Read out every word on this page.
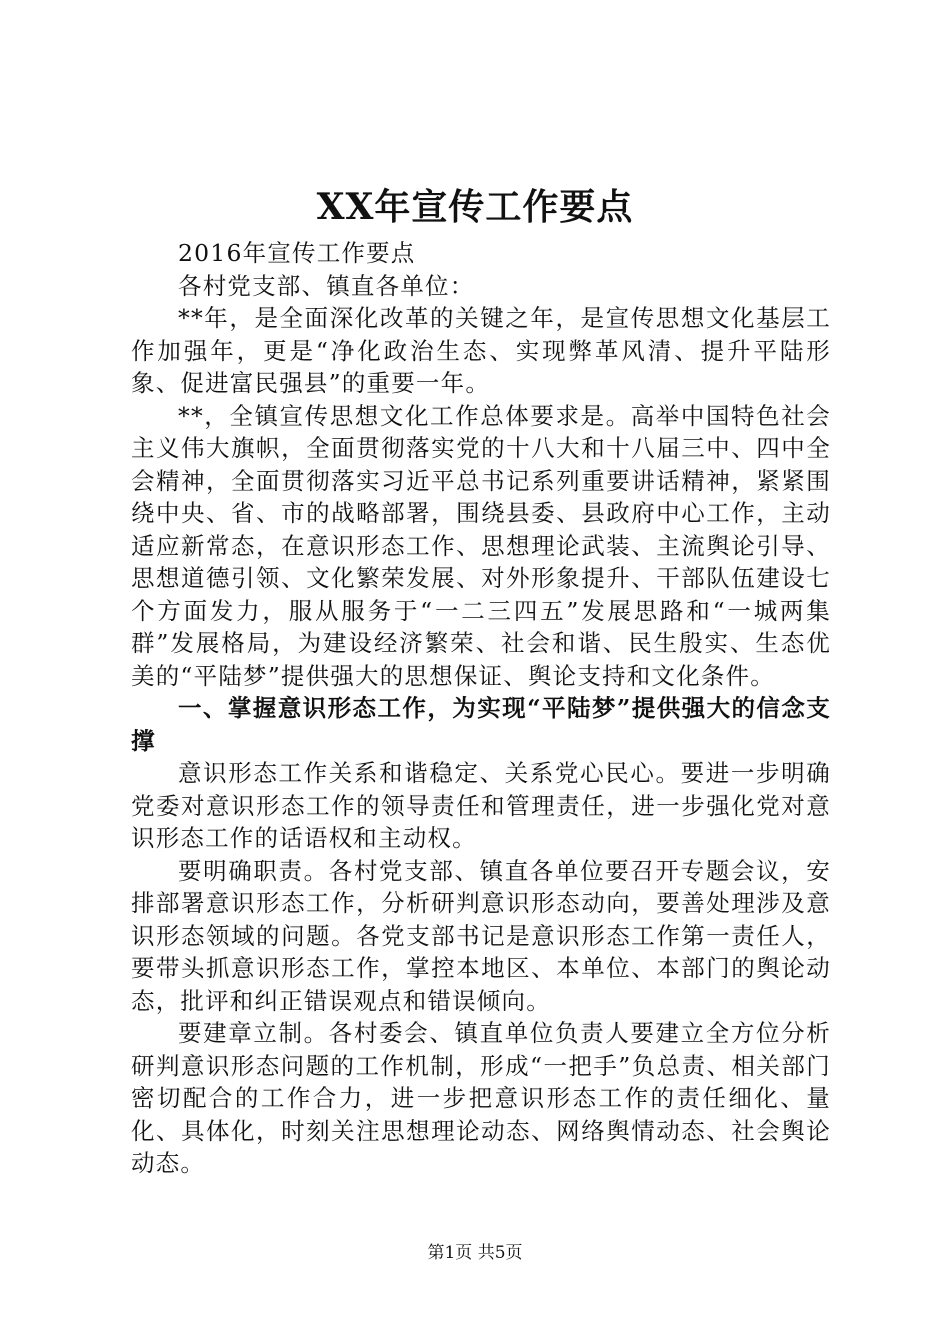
XX年宣传工作要点

2016年宣传工作要点

各村党支部、镇直各单位：

**年，是全面深化改革的关键之年，是宣传思想文化基层工作加强年，更是“净化政治生态、实现弊革风清、提升平陆形象、促进富民强县”的重要一年。

**，全镇宣传思想文化工作总体要求是。高举中国特色社会主义伟大旗帜，全面贯彻落实党的十八大和十八届三中、四中全会精神，全面贯彻落实习近平总书记系列重要讲话精神，紧紧围绕中央、省、市的战略部署，围绕县委、县政府中心工作，主动适应新常态，在意识形态工作、思想理论武装、主流舆论引导、思想道德引领、文化繁荣发展、对外形象提升、干部队伍建设七个方面发力，服从服务于“一二三四五”发展思路和“一城两集群”发展格局，为建设经济繁荣、社会和谐、民生殷实、生态优美的“平陆梦”提供强大的思想保证、舆论支持和文化条件。

一、掌握意识形态工作，为实现“平陆梦”提供强大的信念支撑

意识形态工作关系和谐稳定、关系党心民心。要进一步明确党委对意识形态工作的领导责任和管理责任，进一步强化党对意识形态工作的话语权和主动权。

要明确职责。各村党支部、镇直各单位要召开专题会议，安排部署意识形态工作，分析研判意识形态动向，要善处理涉及意识形态领域的问题。各党支部书记是意识形态工作第一责任人，要带头抓意识形态工作，掌控本地区、本单位、本部门的舆论动态，批评和纠正错误观点和错误倾向。

要建章立制。各村委会、镇直单位负责人要建立全方位分析研判意识形态问题的工作机制，形成“一把手”负总责、相关部门密切配合的工作合力，进一步把意识形态工作的责任细化、量化、具体化，时刻关注思想理论动态、网络舆情动态、社会舆论动态。

第1页 共5页
